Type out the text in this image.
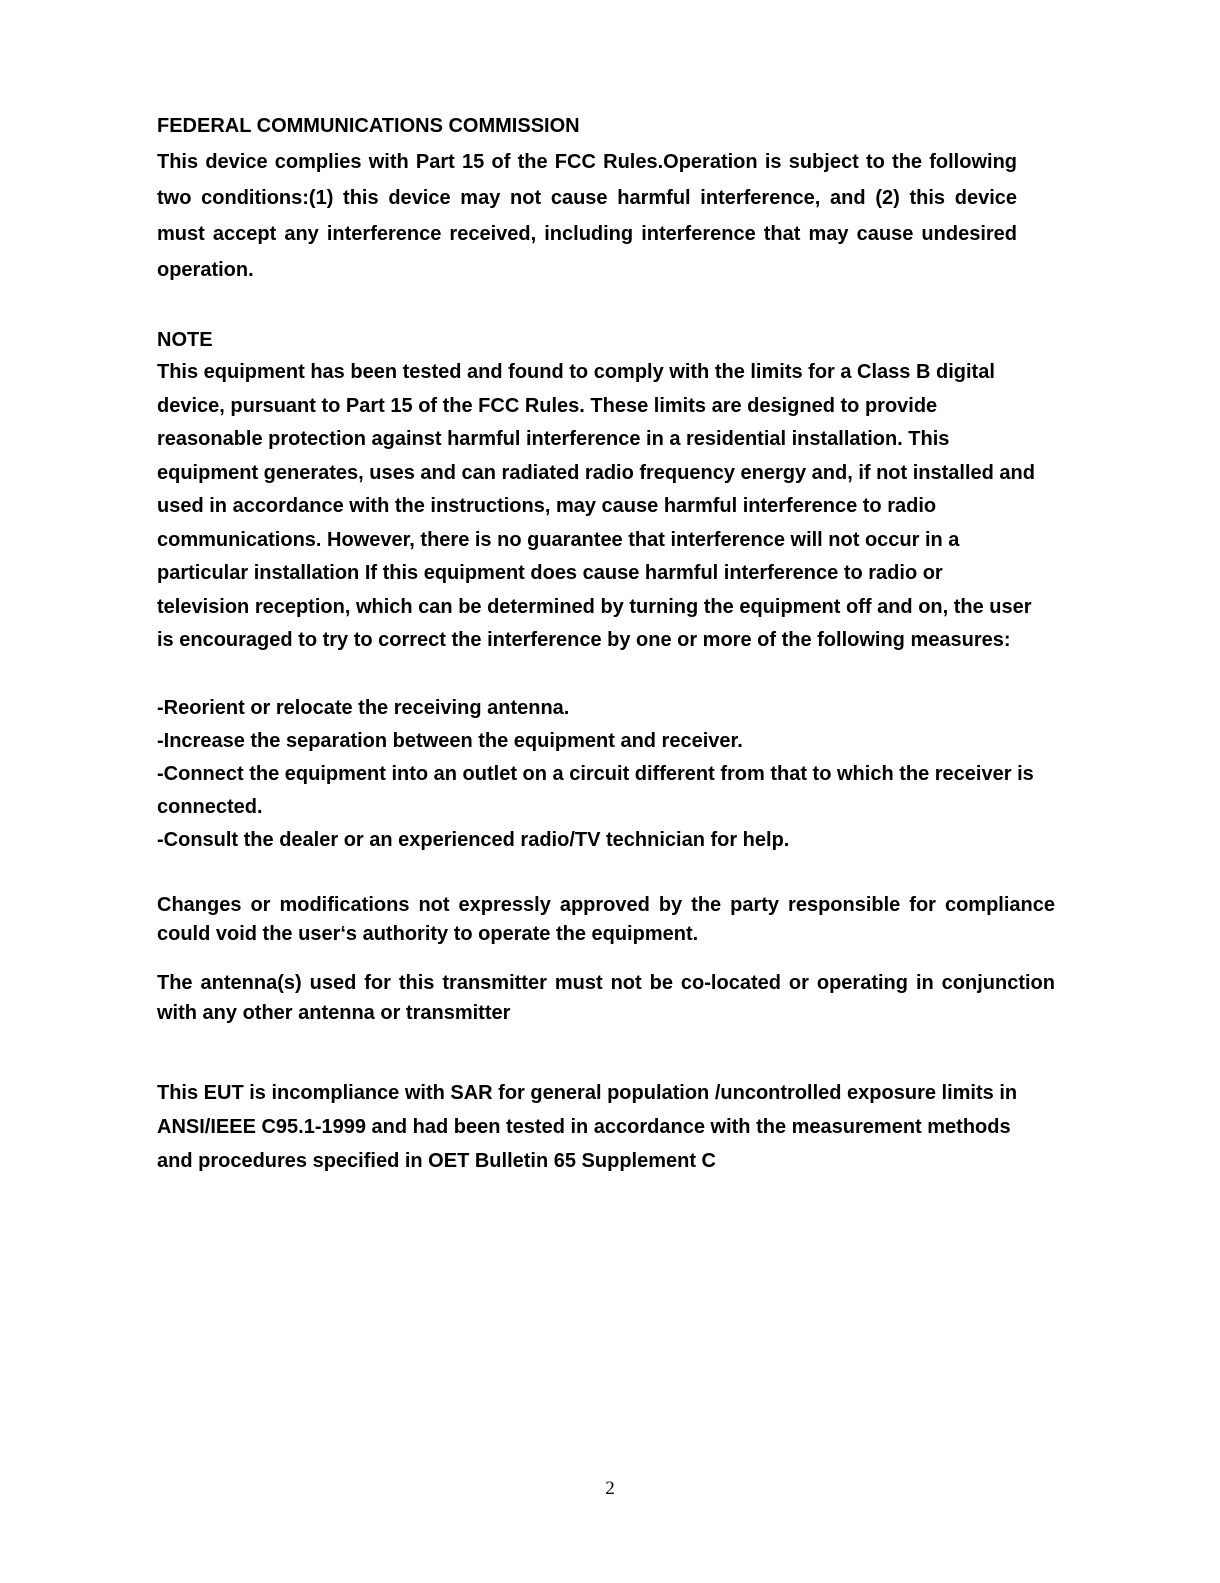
FEDERAL COMMUNICATIONS COMMISSION

This device complies with Part 15 of the FCC Rules.Operation is subject to the following two conditions:(1) this device may not cause harmful interference, and (2) this device must accept any interference received, including interference that may cause undesired operation.

NOTE

This equipment has been tested and found to comply with the limits for a Class B digital device, pursuant to Part 15 of the FCC Rules. These limits are designed to provide reasonable protection against harmful interference in a residential installation. This equipment generates, uses and can radiated radio frequency energy and, if not installed and used in accordance with the instructions, may cause harmful interference to radio communications. However, there is no guarantee that interference will not occur in a particular installation If this equipment does cause harmful interference to radio or television reception, which can be determined by turning the equipment off and on, the user is encouraged to try to correct the interference by one or more of the following measures:

-Reorient or relocate the receiving antenna.

-Increase the separation between the equipment and receiver.

-Connect the equipment into an outlet on a circuit different from that to which the receiver is connected.

-Consult the dealer or an experienced radio/TV technician for help.

Changes or modifications not expressly approved by the party responsible for compliance could void the user‘s authority to operate the equipment.

The antenna(s) used for this transmitter must not be co-located or operating in conjunction with any other antenna or transmitter

This EUT is incompliance with SAR for general population /uncontrolled exposure limits in ANSI/IEEE C95.1-1999 and had been tested in accordance with the measurement methods and procedures specified in OET Bulletin 65 Supplement C

2
